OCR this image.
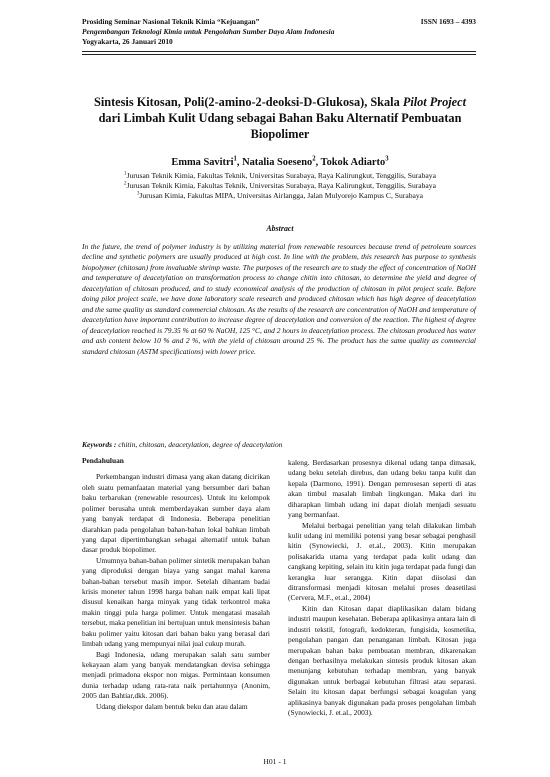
Prosiding Seminar Nasional Teknik Kimia “Kejuangan”	ISSN 1693 – 4393
Pengembangan Teknologi Kimia untuk Pengolahan Sumber Daya Alam Indonesia
Yogyakarta, 26 Januari 2010
Sintesis Kitosan, Poli(2-amino-2-deoksi-D-Glukosa), Skala Pilot Project dari Limbah Kulit Udang sebagai Bahan Baku Alternatif Pembuatan Biopolimer
Emma Savitri$^1$, Natalia Soeseno$^2$, Tokok Adiarto$^3$
$^1$Jurusan Teknik Kimia, Fakultas Teknik, Universitas Surabaya, Raya Kalirungkut, Tenggilis, Surabaya
$^2$Jurusan Teknik Kimia, Fakultas Teknik, Universitas Surabaya, Raya Kalirungkut, Tenggilis, Surabaya
$^3$Jurusan Kimia, Fakultas MIPA, Universitas Airlangga, Jalan Mulyorejo Kampus C, Surabaya
Abstract
In the future, the trend of polymer industry is by utilizing material from renewable resources because trend of petroleum sources decline and synthetic polymers are usually produced at high cost. In line with the problem, this research has purpose to synthesis biopolymer (chitosan) from invaluable shrimp waste. The purposes of the research are to study the effect of concentration of NaOH and temperature of deacetylation on transformation process to change chitin into chitosan, to determine the yield and degree of deacetylation of chitosan produced, and to study economical analysis of the production of chitosan in pilot project scale. Before doing pilot project scale, we have done laboratory scale research and produced chitosan which has high degree of deacetylation and the same quality as standard commercial chitosan. As the results of the research are concentration of NaOH and temperature of deacetylation have important contribution to increase degree of deacetylation and conversion of the reaction. The highest of degree of deacetylation reached is 79.35 % at 60 % NaOH, 125 °C, and 2 hours in deacetylation process. The chitosan produced has water and ash content below 10 % and 2 %, with the yield of chitosan around 25 %. The product has the same quality as commercial standard chitosan (ASTM specifications) with lower price.
Keywords : chitin, chitosan, deacetylation, degree of deacetylation

Pendahuluan

Perkembangan industri dimasa yang akan datang dicirikan oleh suatu pemanfaatan material yang bersumber dari bahan baku terbarukan (renewable resources). Untuk itu kelompok polimer berusaha untuk memberdayakan sumber daya alam yang banyak terdapat di Indonesia. Beberapa penelitian diarahkan pada pengolahan bahan-bahan lokal bahkan limbah yang dapat dipertimbangkan sebagai alternatif untuk bahan dasar produk biopolimer.

Umumnya bahan-bahan polimer sintetik merupakan bahan yang diproduksi dengan biaya yang sangat mahal karena bahan-bahan tersebut masih impor. Setelah dihantam badai krisis moneter tahun 1998 harga bahan naik empat kali lipat disusul kenaikan harga minyak yang tidak terkontrol maka makin tinggi pula harga polimer. Untuk mengatasi masalah tersebut, maka penelitian ini bertujuan untuk mensintesis bahan baku polimer yaitu kitosan dari bahan baku yang berasal dari limbah udang yang mempunyai nilai jual cukup murah.

Bagi Indonesia, udang merupakan salah satu sumber kekayaan alam yang banyak mendatangkan devisa sehingga menjadi primadona ekspor non migas. Permintaan konsumen dunia terhadap udang rata-rata naik pertahunnya (Anonim, 2005 dan Bahtiar,dkk. 2006).

Udang diekspor dalam bentuk beku dan atau dalam

kaleng. Berdasarkan prosesnya dikenal udang tanpa dimasak, udang beku setelah direbus, dan udang beku tanpa kulit dan kepala (Darmono, 1991). Dengan pemrosesan seperti di atas akan timbul masalah limbah lingkungan. Maka dari itu diharapkan limbah udang ini dapat diolah menjadi sesuatu yang bermanfaat.

Melalui berbagai penelitian yang telah dilakukan limbah kulit udang ini memiliki potensi yang besar sebagai penghasil kitin (Synowiecki, J. et.al., 2003). Kitin merupakan polisakarida utama yang terdapat pada kulit udang dan cangkang kepiting, selain itu kitin juga terdapat pada fungi dan kerangka luar serangga. Kitin dapat diisolasi dan ditransformasi menjadi kitosan melalui proses deasetilasi (Cervera, M.F., et.al., 2004)

Kitin dan Kitosan dapat diaplikasikan dalam bidang industri maupun kesehatan. Beberapa aplikasinya antara lain di industri tekstil, fotografi, kedokteran, fungisida, kosmetika, pengolahan pangan dan penanganan limbah. Kitosan juga merupakan bahan baku pembuatan membran, dikarenakan dengan berhasilnya melakukan sintesis produk kitosan akan menunjang kebutuhan terhadap membran, yang banyak digunakan untuk berbagai kebutuhan filtrasi atau separasi. Selain itu kitosan dapat berfungsi sebagai koagulan yang aplikasinya banyak digunakan pada proses pengolahan limbah (Synowiecki, J. et.al., 2003).

H01 - 1
